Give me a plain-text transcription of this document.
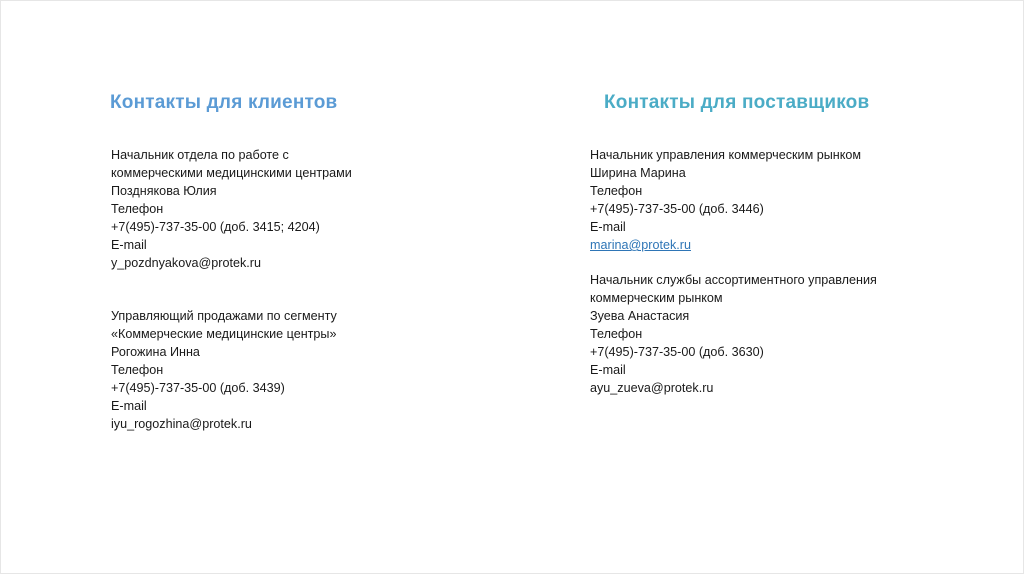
Контакты для клиентов	Контакты для поставщиков
Начальник отдела по работе с
коммерческими медицинскими центрами
Позднякова Юлия
Телефон
+7(495)-737-35-00 (доб. 3415; 4204)
E-mail
y_pozdnyakova@protek.ru
Управляющий продажами по сегменту
«Коммерческие медицинские центры»
Рогожина Инна
Телефон
+7(495)-737-35-00 (доб. 3439)
E-mail
iyu_rogozhina@protek.ru
Начальник управления коммерческим рынком
Ширина Марина
Телефон
+7(495)-737-35-00 (доб. 3446)
E-mail
marina@protek.ru
Начальник службы ассортиментного управления
коммерческим рынком
Зуева Анастасия
Телефон
+7(495)-737-35-00 (доб. 3630)
E-mail
ayu_zueva@protek.ru
